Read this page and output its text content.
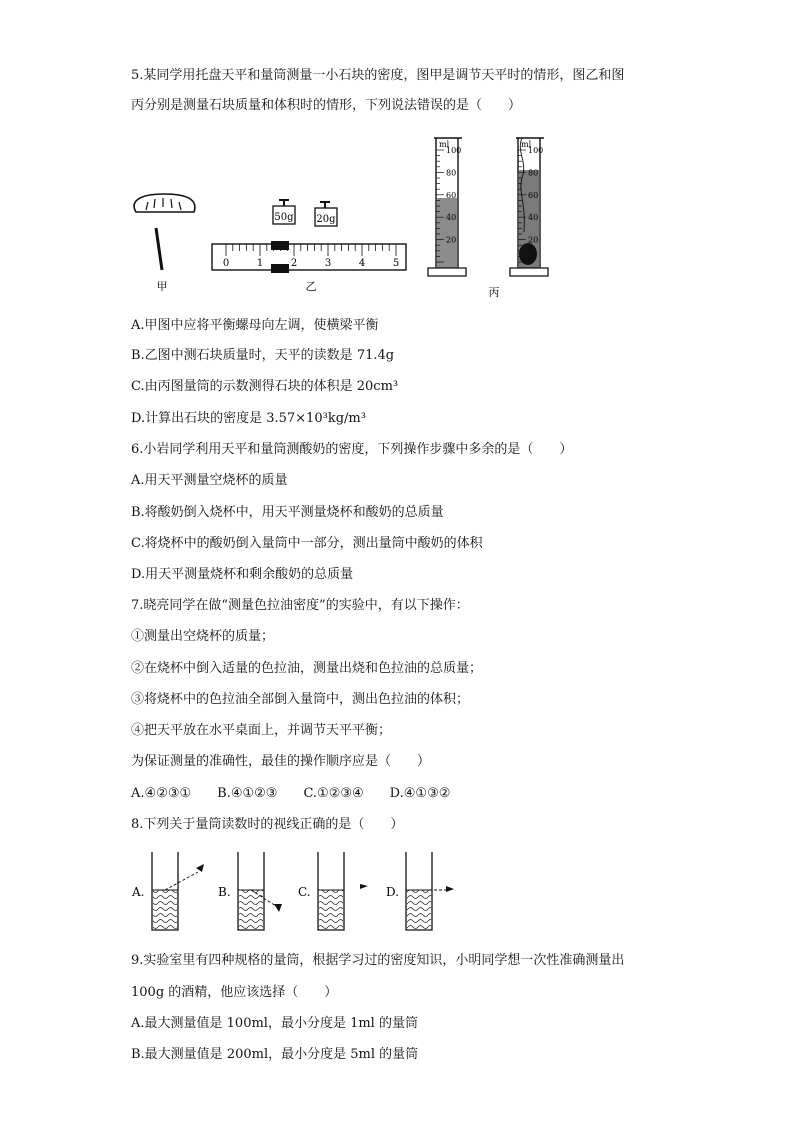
5.某同学用托盘天平和量筒测量一小石块的密度，图甲是调节天平时的情形，图乙和图
丙分别是测量石块质量和体积时的情形，下列说法错误的是（　　）
甲
50g 20g
0	1	2	3	4	5
乙
ml	ml
100	100
80	80
60	60
40	40
20	20
丙
A.甲图中应将平衡螺母向左调，使横梁平衡
B.乙图中测石块质量时，天平的读数是 71.4g
C.由丙图量筒的示数测得石块的体积是 20cm³
D.计算出石块的密度是 3.57×10³kg/m³
6.小岩同学利用天平和量筒测酸奶的密度，下列操作步骤中多余的是（　　）
A.用天平测量空烧杯的质量
B.将酸奶倒入烧杯中，用天平测量烧杯和酸奶的总质量
C.将烧杯中的酸奶倒入量筒中一部分，测出量筒中酸奶的体积
D.用天平测量烧杯和剩余酸奶的总质量
7.晓亮同学在做“测量色拉油密度”的实验中，有以下操作：
①测量出空烧杯的质量；
②在烧杯中倒入适量的色拉油，测量出烧和色拉油的总质量；
③将烧杯中的色拉油全部倒入量筒中，测出色拉油的体积；
④把天平放在水平桌面上，并调节天平平衡；
为保证测量的准确性，最佳的操作顺序应是（　　）
A.④②③①　　B.④①②③　　C.①②③④　　D.④①③②
8.下列关于量筒读数时的视线正确的是（　　）
A.	B.	C.	D.
9.实验室里有四种规格的量筒，根据学习过的密度知识，小明同学想一次性准确测量出
100g 的酒精，他应该选择（　　）
A.最大测量值是 100ml，最小分度是 1ml 的量筒
B.最大测量值是 200ml，最小分度是 5ml 的量筒
